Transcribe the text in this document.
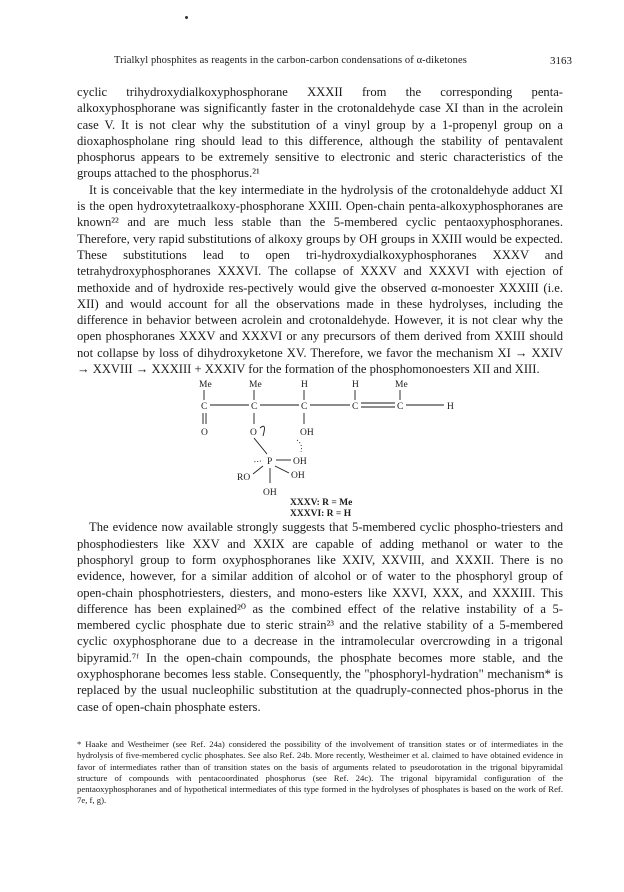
Trialkyl phosphites as reagents in the carbon-carbon condensations of α-diketones	3163

cyclic trihydroxydialkoxyphosphorane XXXII from the corresponding penta-alkoxyphosphorane was significantly faster in the crotonaldehyde case XI than in the acrolein case V. It is not clear why the substitution of a vinyl group by a 1-propenyl group on a dioxaphospholane ring should lead to this difference, although the stability of pentavalent phosphorus appears to be extremely sensitive to electronic and steric characteristics of the groups attached to the phosphorus.²¹

It is conceivable that the key intermediate in the hydrolysis of the crotonaldehyde adduct XI is the open hydroxytetraalkoxy-phosphorane XXIII. Open-chain penta-alkoxyphosphoranes are known²² and are much less stable than the 5-membered cyclic pentaoxyphosphoranes. Therefore, very rapid substitutions of alkoxy groups by OH groups in XXIII would be expected. These substitutions lead to open tri-hydroxydialkoxyphosphoranes XXXV and tetrahydroxyphosphoranes XXXVI. The collapse of XXXV and XXXVI with ejection of methoxide and of hydroxide res-pectively would give the observed α-monoester XXXIII (i.e. XII) and would account for all the observations made in these hydrolyses, including the difference in behavior between acrolein and crotonaldehyde. However, it is not clear why the open phosphoranes XXXV and XXXVI or any precursors of them derived from XXIII should not collapse by loss of dihydroxyketone XV. Therefore, we favor the mechanism XI → XXIV → XXVIII → XXXIII + XXXIV for the formation of the phosphomonoesters XII and XIII.

Me	Me	H	H	Me
C	C	C	C	C	H
O	O	OH
P OH
OH
RO
OH
XXXV: R = Me
XXXVI: R = H

The evidence now available strongly suggests that 5-membered cyclic phospho-triesters and phosphodiesters like XXV and XXIX are capable of adding methanol or water to the phosphoryl group to form oxyphosphoranes like XXIV, XXVIII, and XXXII. There is no evidence, however, for a similar addition of alcohol or of water to the phosphoryl group of open-chain phosphotriesters, diesters, and mono-esters like XXVI, XXX, and XXXIII. This difference has been explained²⁰ as the combined effect of the relative instability of a 5-membered cyclic phosphate due to steric strain²³ and the relative stability of a 5-membered cyclic oxyphosphorane due to a decrease in the intramolecular overcrowding in a trigonal bipyramid.⁷ᶠ In the open-chain compounds, the phosphate becomes more stable, and the oxyphosphorane becomes less stable. Consequently, the "phosphoryl-hydration" mechanism* is replaced by the usual nucleophilic substitution at the quadruply-connected phos-phorus in the case of open-chain phosphate esters.

* Haake and Westheimer (see Ref. 24a) considered the possibility of the involvement of transition states or of intermediates in the hydrolysis of five-membered cyclic phosphates. See also Ref. 24b. More recently, Westheimer et al. claimed to have obtained evidence in favor of intermediates rather than of transition states on the basis of arguments related to pseudorotation in the trigonal bipyramidal structure of compounds with pentacoordinated phosphorus (see Ref. 24c). The trigonal bipyramidal configuration of the pentaoxyphosphoranes and of hypothetical intermediates of this type formed in the hydrolyses of phosphates is based on the work of Ref. 7e, f, g).
